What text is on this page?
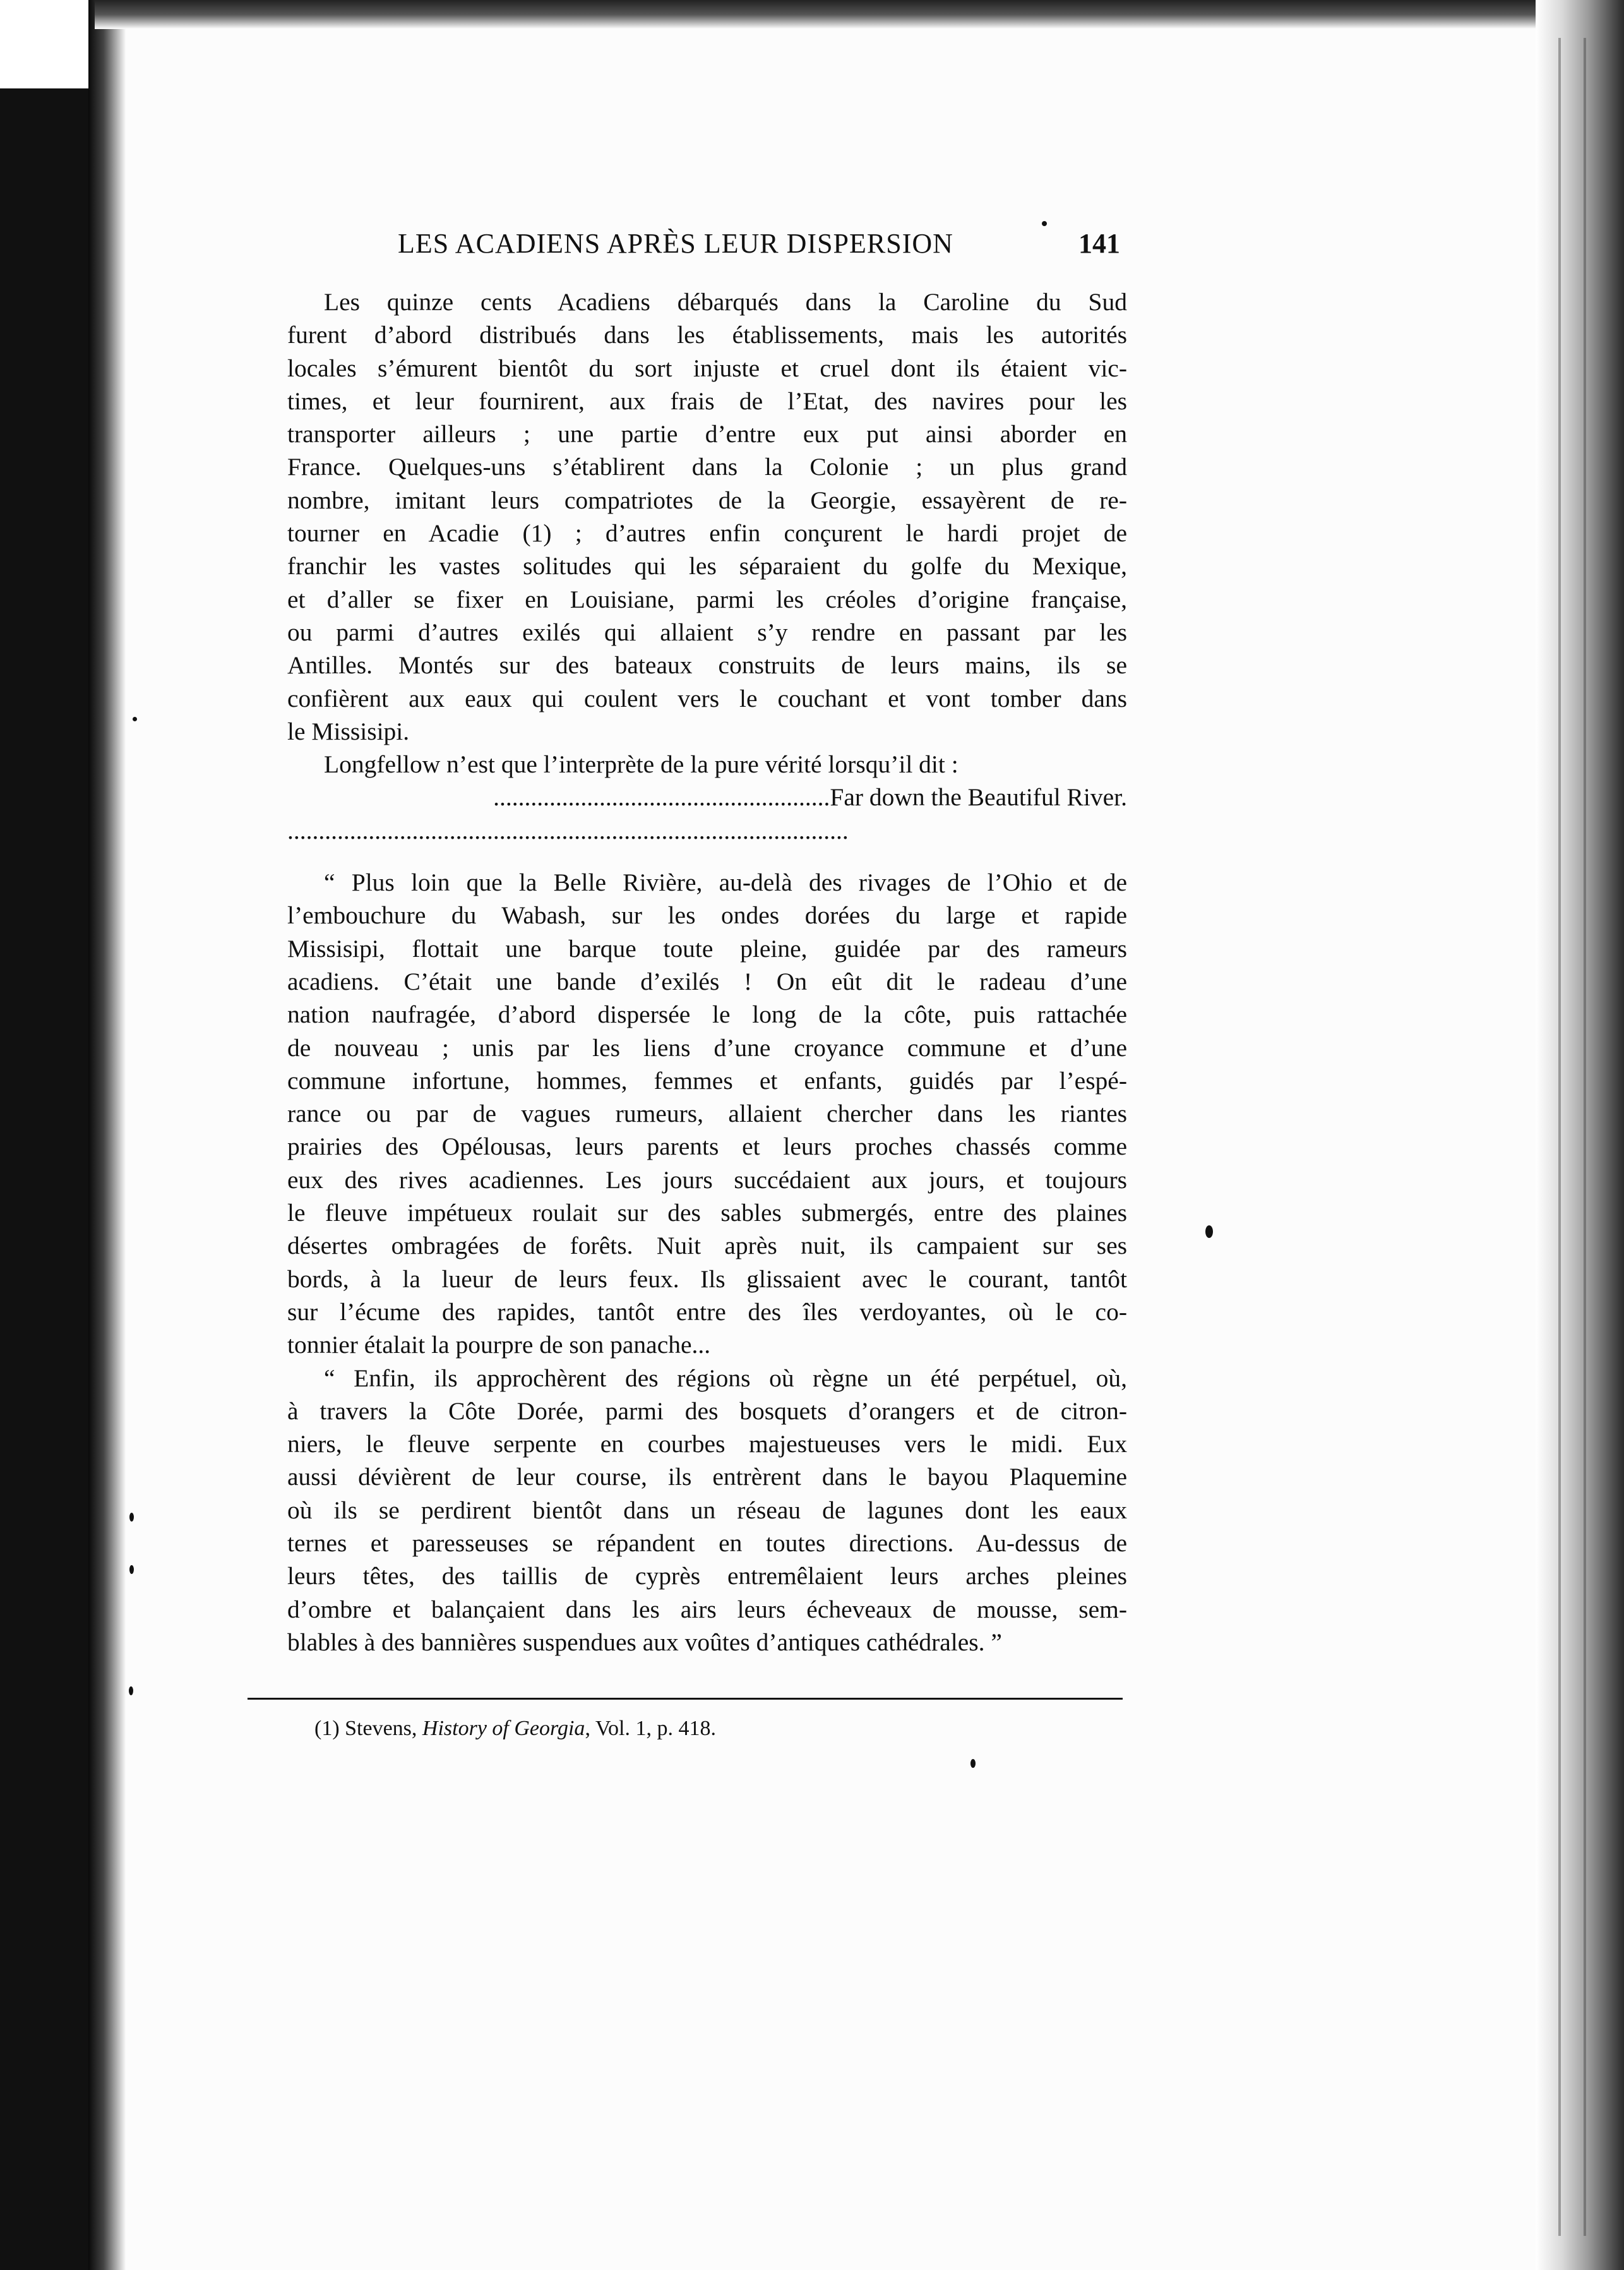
LES ACADIENS APRÈS LEUR DISPERSION	141
Les quinze cents Acadiens débarqués dans la Caroline du Sud
furent d’abord distribués dans les établissements, mais les autorités
locales s’émurent bientôt du sort injuste et cruel dont ils étaient vic-
times, et leur fournirent, aux frais de l’Etat, des navires pour les
transporter ailleurs ; une partie d’entre eux put ainsi aborder en
France. Quelques-uns s’établirent dans la Colonie ; un plus grand
nombre, imitant leurs compatriotes de la Georgie, essayèrent de re-
tourner en Acadie (1) ; d’autres enfin conçurent le hardi projet de
franchir les vastes solitudes qui les séparaient du golfe du Mexique,
et d’aller se fixer en Louisiane, parmi les créoles d’origine française,
ou parmi d’autres exilés qui allaient s’y rendre en passant par les
Antilles. Montés sur des bateaux construits de leurs mains, ils se
confièrent aux eaux qui coulent vers le couchant et vont tomber dans
le Missisipi.
Longfellow n’est que l’interprète de la pure vérité lorsqu’il dit :
......................................................Far down the Beautiful River.
..........................................................................................
“ Plus loin que la Belle Rivière, au-delà des rivages de l’Ohio et de
l’embouchure du Wabash, sur les ondes dorées du large et rapide
Missisipi, flottait une barque toute pleine, guidée par des rameurs
acadiens. C’était une bande d’exilés ! On eût dit le radeau d’une
nation naufragée, d’abord dispersée le long de la côte, puis rattachée
de nouveau ; unis par les liens d’une croyance commune et d’une
commune infortune, hommes, femmes et enfants, guidés par l’espé-
rance ou par de vagues rumeurs, allaient chercher dans les riantes
prairies des Opélousas, leurs parents et leurs proches chassés comme
eux des rives acadiennes. Les jours succédaient aux jours, et toujours
le fleuve impétueux roulait sur des sables submergés, entre des plaines
désertes ombragées de forêts. Nuit après nuit, ils campaient sur ses
bords, à la lueur de leurs feux. Ils glissaient avec le courant, tantôt
sur l’écume des rapides, tantôt entre des îles verdoyantes, où le co-
tonnier étalait la pourpre de son panache...
“ Enfin, ils approchèrent des régions où règne un été perpétuel, où,
à travers la Côte Dorée, parmi des bosquets d’orangers et de citron-
niers, le fleuve serpente en courbes majestueuses vers le midi. Eux
aussi dévièrent de leur course, ils entrèrent dans le bayou Plaquemine
où ils se perdirent bientôt dans un réseau de lagunes dont les eaux
ternes et paresseuses se répandent en toutes directions. Au-dessus de
leurs têtes, des taillis de cyprès entremêlaient leurs arches pleines
d’ombre et balançaient dans les airs leurs écheveaux de mousse, sem-
blables à des bannières suspendues aux voûtes d’antiques cathédrales. ”
(1) Stevens, History of Georgia, Vol. 1, p. 418.
